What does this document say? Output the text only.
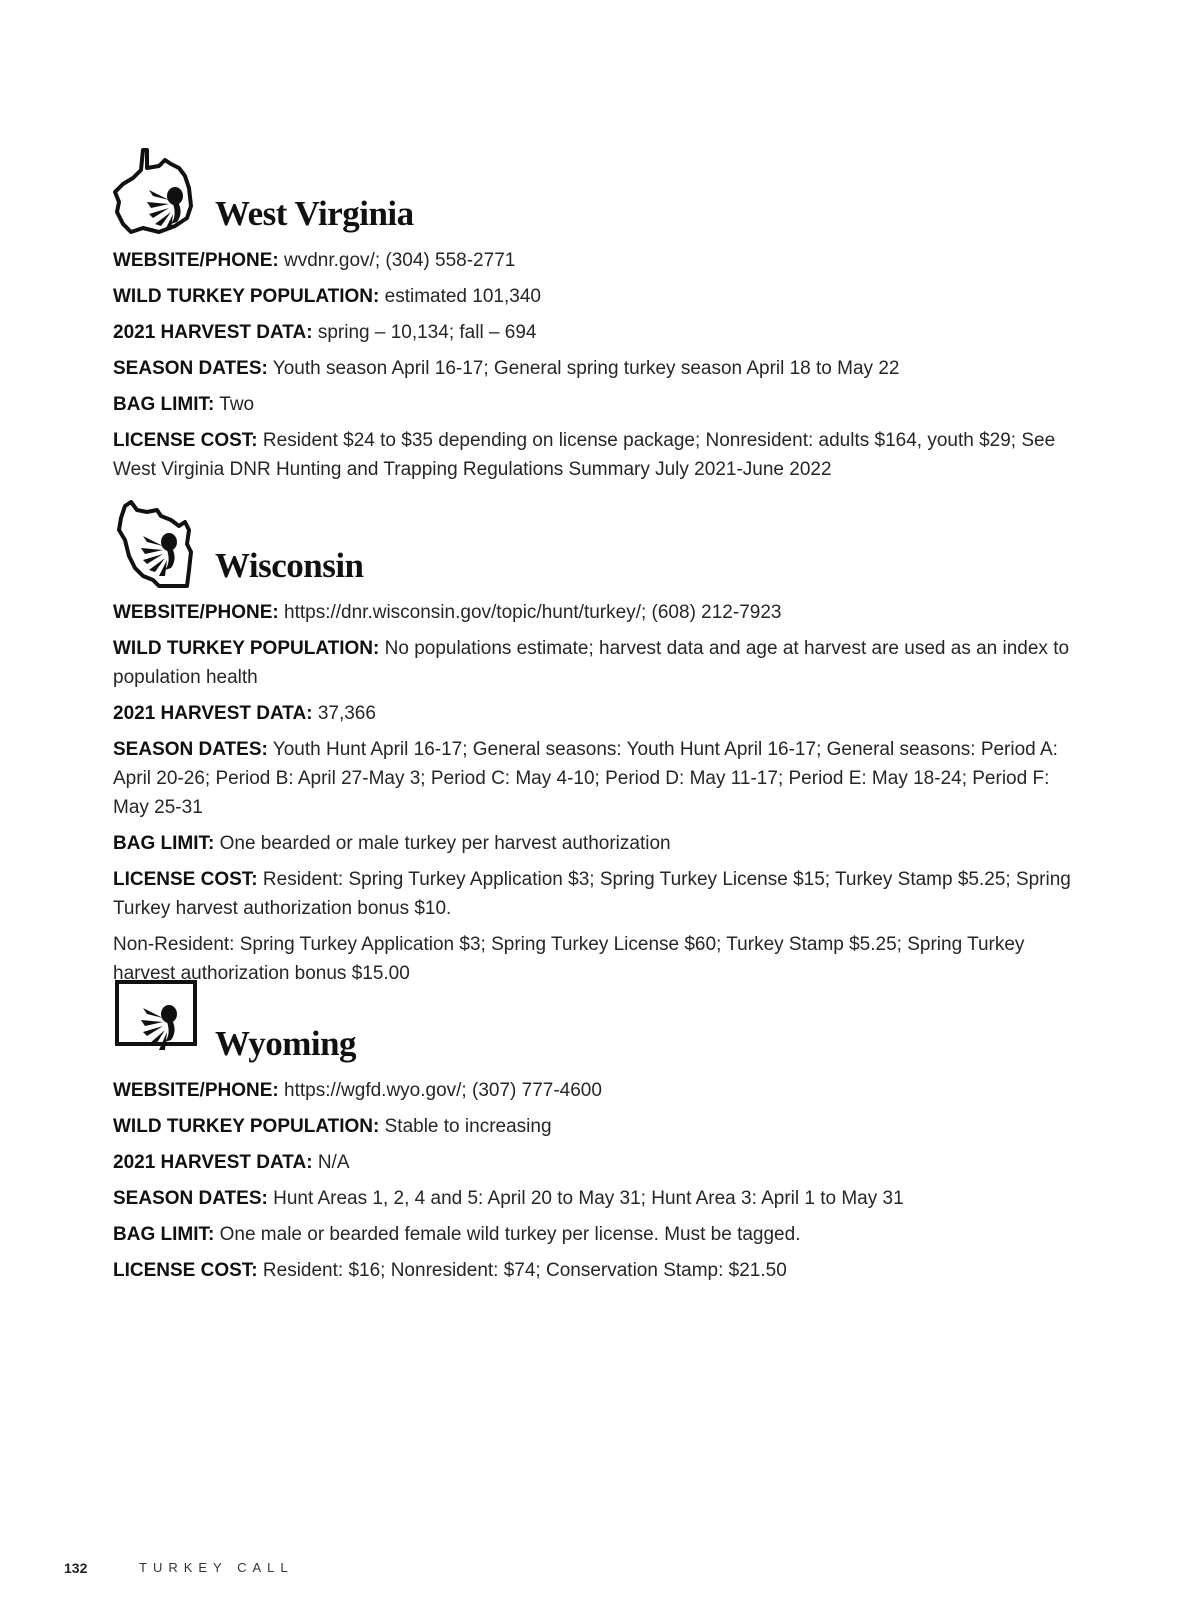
West Virginia

WEBSITE/PHONE: wvdnr.gov/; (304) 558-2771

WILD TURKEY POPULATION: estimated 101,340

2021 HARVEST DATA: spring – 10,134; fall – 694

SEASON DATES: Youth season April 16-17; General spring turkey season April 18 to May 22

BAG LIMIT: Two

LICENSE COST: Resident $24 to $35 depending on license package; Nonresident: adults $164, youth $29; See West Virginia DNR Hunting and Trapping Regulations Summary July 2021-June 2022

Wisconsin

WEBSITE/PHONE: https://dnr.wisconsin.gov/topic/hunt/turkey/; (608) 212-7923

WILD TURKEY POPULATION: No populations estimate; harvest data and age at harvest are used as an index to population health

2021 HARVEST DATA: 37,366

SEASON DATES: Youth Hunt April 16-17; General seasons: Youth Hunt April 16-17; General seasons: Period A: April 20-26; Period B: April 27-May 3; Period C: May 4-10; Period D: May 11-17; Period E: May 18-24; Period F: May 25-31

BAG LIMIT: One bearded or male turkey per harvest authorization

LICENSE COST: Resident: Spring Turkey Application $3; Spring Turkey License $15; Turkey Stamp $5.25; Spring Turkey harvest authorization bonus $10.

Non-Resident: Spring Turkey Application $3; Spring Turkey License $60; Turkey Stamp $5.25; Spring Turkey harvest authorization bonus $15.00

Wyoming

WEBSITE/PHONE: https://wgfd.wyo.gov/; (307) 777-4600

WILD TURKEY POPULATION: Stable to increasing

2021 HARVEST DATA: N/A

SEASON DATES: Hunt Areas 1, 2, 4 and 5: April 20 to May 31; Hunt Area 3: April 1 to May 31

BAG LIMIT: One male or bearded female wild turkey per license. Must be tagged.

LICENSE COST: Resident: $16; Nonresident: $74; Conservation Stamp: $21.50

132	TURKEY CALL
